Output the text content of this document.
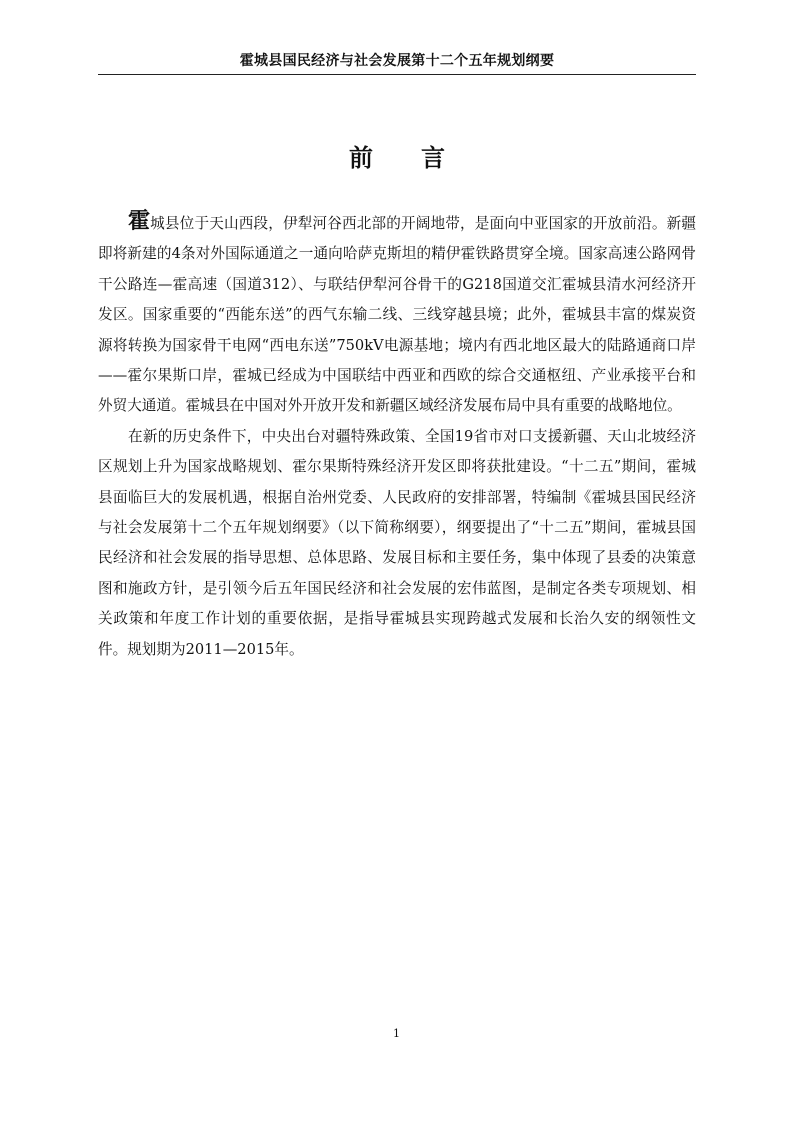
霍城县国民经济与社会发展第十二个五年规划纲要
前言

霍城县位于天山西段，伊犁河谷西北部的开阔地带，是面向中亚国家的开放前沿。新疆即将新建的4条对外国际通道之一通向哈萨克斯坦的精伊霍铁路贯穿全境。国家高速公路网骨干公路连—霍高速（国道312）、与联结伊犁河谷骨干的G218国道交汇霍城县清水河经济开发区。国家重要的“西能东送”的西气东输二线、三线穿越县境；此外，霍城县丰富的煤炭资源将转换为国家骨干电网“西电东送”750kV电源基地；境内有西北地区最大的陆路通商口岸——霍尔果斯口岸，霍城已经成为中国联结中西亚和西欧的综合交通枢纽、产业承接平台和外贸大通道。霍城县在中国对外开放开发和新疆区域经济发展布局中具有重要的战略地位。

在新的历史条件下，中央出台对疆特殊政策、全国19省市对口支援新疆、天山北坡经济区规划上升为国家战略规划、霍尔果斯特殊经济开发区即将获批建设。“十二五”期间，霍城县面临巨大的发展机遇，根据自治州党委、人民政府的安排部署，特编制《霍城县国民经济与社会发展第十二个五年规划纲要》（以下简称纲要），纲要提出了“十二五”期间，霍城县国民经济和社会发展的指导思想、总体思路、发展目标和主要任务，集中体现了县委的决策意图和施政方针，是引领今后五年国民经济和社会发展的宏伟蓝图，是制定各类专项规划、相关政策和年度工作计划的重要依据，是指导霍城县实现跨越式发展和长治久安的纲领性文件。规划期为2011—2015年。

1
